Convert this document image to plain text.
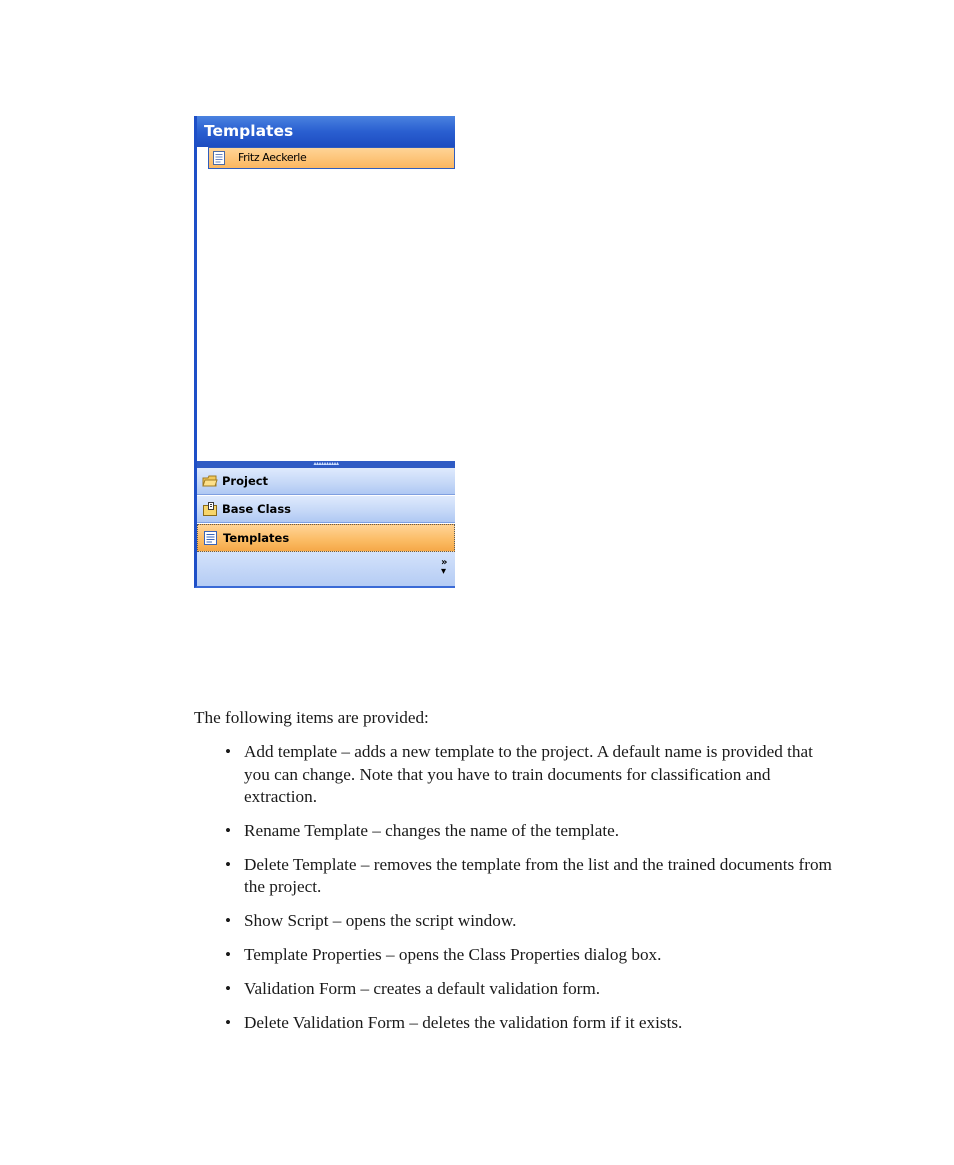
Templates
Fritz Aeckerle
▴▴▴▴▴▴▴▴▴▴
Project
Base Class
Templates
»
▾
The following items are provided:
• Add template – adds a new template to the project. A default name is provided that you can change. Note that you have to train documents for classification and extraction.
• Rename Template – changes the name of the template.
• Delete Template – removes the template from the list and the trained documents from the project.
• Show Script – opens the script window.
• Template Properties – opens the Class Properties dialog box.
• Validation Form – creates a default validation form.
• Delete Validation Form – deletes the validation form if it exists.
